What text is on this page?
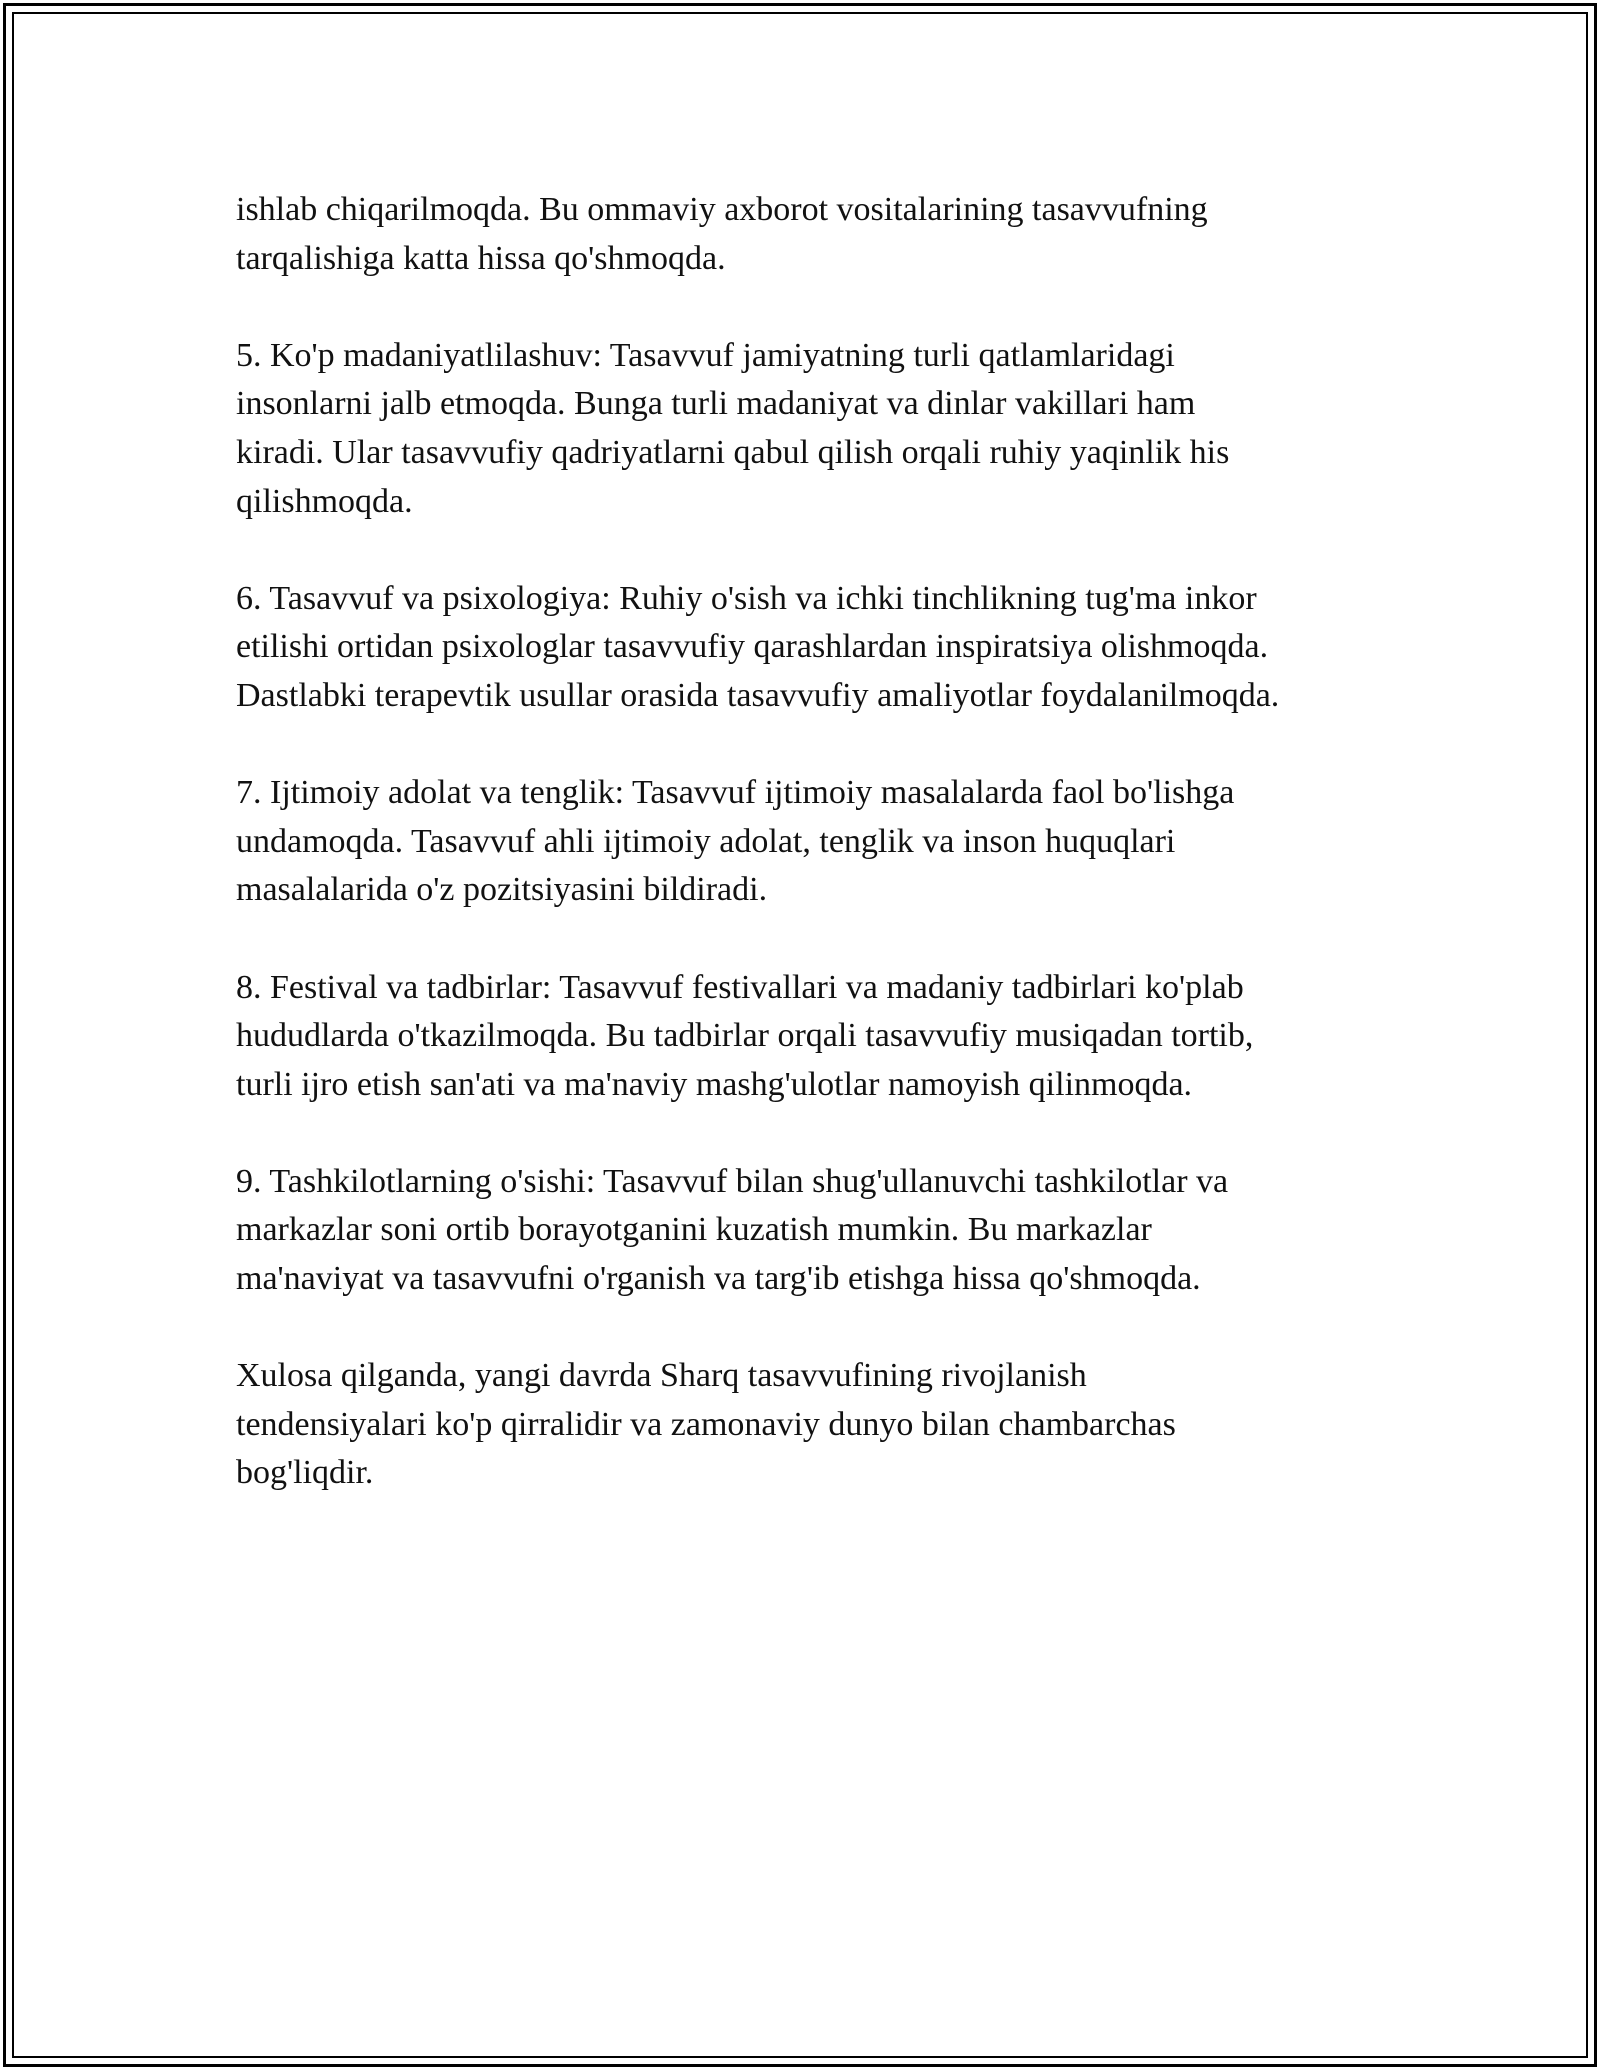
ishlab chiqarilmoqda. Bu ommaviy axborot vositalarining tasavvufning
tarqalishiga katta hissa qo'shmoqda.

5. Ko'p madaniyatlilashuv: Tasavvuf jamiyatning turli qatlamlaridagi
insonlarni jalb etmoqda. Bunga turli madaniyat va dinlar vakillari ham
kiradi. Ular tasavvufiy qadriyatlarni qabul qilish orqali ruhiy yaqinlik his
qilishmoqda.

6. Tasavvuf va psixologiya: Ruhiy o'sish va ichki tinchlikning tug'ma inkor
etilishi ortidan psixologlar tasavvufiy qarashlardan inspiratsiya olishmoqda.
Dastlabki terapevtik usullar orasida tasavvufiy amaliyotlar foydalanilmoqda.

7. Ijtimoiy adolat va tenglik: Tasavvuf ijtimoiy masalalarda faol bo'lishga
undamoqda. Tasavvuf ahli ijtimoiy adolat, tenglik va inson huquqlari
masalalarida o'z pozitsiyasini bildiradi.

8. Festival va tadbirlar: Tasavvuf festivallari va madaniy tadbirlari ko'plab
hududlarda o'tkazilmoqda. Bu tadbirlar orqali tasavvufiy musiqadan tortib,
turli ijro etish san'ati va ma'naviy mashg'ulotlar namoyish qilinmoqda.

9. Tashkilotlarning o'sishi: Tasavvuf bilan shug'ullanuvchi tashkilotlar va
markazlar soni ortib borayotganini kuzatish mumkin. Bu markazlar
ma'naviyat va tasavvufni o'rganish va targ'ib etishga hissa qo'shmoqda.

Xulosa qilganda, yangi davrda Sharq tasavvufining rivojlanish
tendensiyalari ko'p qirralidir va zamonaviy dunyo bilan chambarchas
bog'liqdir.
